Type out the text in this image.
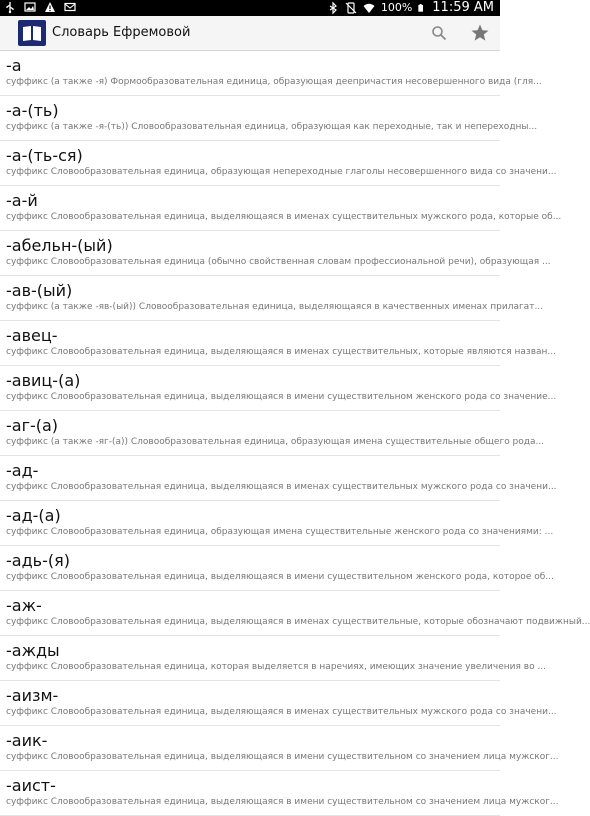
100% 11:59 AM
Словарь Ефремовой
-а
суффикс (а также -я) Формообразовательная единица, образующая деепричастия несовершенного вида (гля...
-а-(ть)
суффикс (а также -я-(ть)) Словообразовательная единица, образующая как переходные, так и непереходны...
-а-(ть-ся)
суффикс Словообразовательная единица, образующая непереходные глаголы несовершенного вида со значени...
-а-й
суффикс Словообразовательная единица, выделяющаяся в именах существительных мужского рода, которые об...
-абельн-(ый)
суффикс Словообразовательная единица (обычно свойственная словам профессиональной речи), образующая ...
-ав-(ый)
суффикс (а также -яв-(ый)) Словообразовательная единица, выделяющаяся в качественных именах прилагат...
-авец-
суффикс Словообразовательная единица, выделяющаяся в именах существительных, которые являются назван...
-авиц-(а)
суффикс Словообразовательная единица, выделяющаяся в имени существительном женского рода со значение...
-аг-(а)
суффикс (а также -яг-(а)) Словообразовательная единица, образующая имена существительные общего рода...
-ад-
суффикс Словообразовательная единица, выделяющаяся в именах существительных мужского рода со значени...
-ад-(а)
суффикс Словообразовательная единица, образующая имена существительные женского рода со значениями: ...
-адь-(я)
суффикс Словообразовательная единица, выделяющаяся в имени существительном женского рода, которое об...
-аж-
суффикс Словообразовательная единица, выделяющаяся в именах существительные, которые обозначают подвижный...
-ажды
суффикс Словообразовательная единица, которая выделяется в наречиях, имеющих значение увеличения во ...
-аизм-
суффикс Словообразовательная единица, выделяющаяся в именах существительных мужского рода со значени...
-аик-
суффикс Словообразовательная единица, выделяющаяся в имени существительном со значением лица мужског...
-аист-
суффикс Словообразовательная единица, выделяющаяся в имени существительном со значением лица мужског...
